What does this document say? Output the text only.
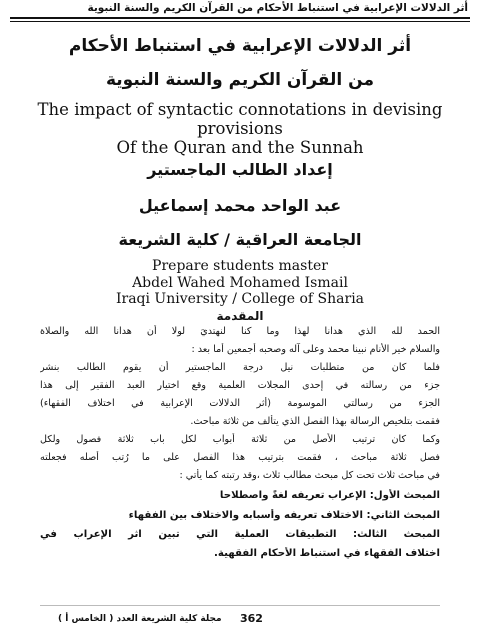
أثر الدلالات الإعرابية في استنباط الأحكام من القرآن الكريم والسنة النبوية
أثر الدلالات الإعرابية في استنباط الأحكام
من القرآن الكريم والسنة النبوية
The impact of syntactic connotations in devising
provisions
Of the Quran and the Sunnah
إعداد الطالب الماجستير
عبد الواحد محمد إسماعيل
الجامعة العراقية / كلية الشريعة
Prepare students master
Abdel Wahed Mohamed Ismail
Iraqi University / College of Sharia
المقدمة
الحمد لله الذي هدانا لهذا وما كنا لنهتديَ لولا أن هدانا الله والصلاة
والسلام خير الأنام نبينا محمد وعلى آله وصحبه أجمعين أما بعد :
فلما كان من متطلبات نيل درجة الماجستير أن يقوم الطالب بنشر
جزء من رسالته في إحدى المجلات العلمية وقع اختيار العبد الفقير إلى هذا
الجزء من رسالتي الموسومة (أثر الدلالات الإعرابية في اختلاف الفقهاء)
فقمت بتلخيص الرسالة بهذا الفصل الذي يتألف من ثلاثة مباحث.
وكما كان ترتيب الأصل من ثلاثة أبواب لكل باب ثلاثة فصول ولكل
فصل ثلاثة مباحث ، فقمت بترتيب هذا الفصل على ما رُتب أصله فجعلته
في مباحث ثلاث تحت كل مبحث مطالب ثلاث ،وقد رتبته كما يأتي :
المبحث الأول: الإعراب تعريفه لغةً واصطلاحا
المبحث الثاني: الاختلاف تعريفه وأسبابه والاختلاف بين الفقهاء
المبحث الثالث: التطبيقات العملية التي تبين اثر الإعراب في
اختلاف الفقهاء في استنباط الأحكام الفقهية.
مجلة كلية الشريعة العدد ( الخامس أ ) 362
